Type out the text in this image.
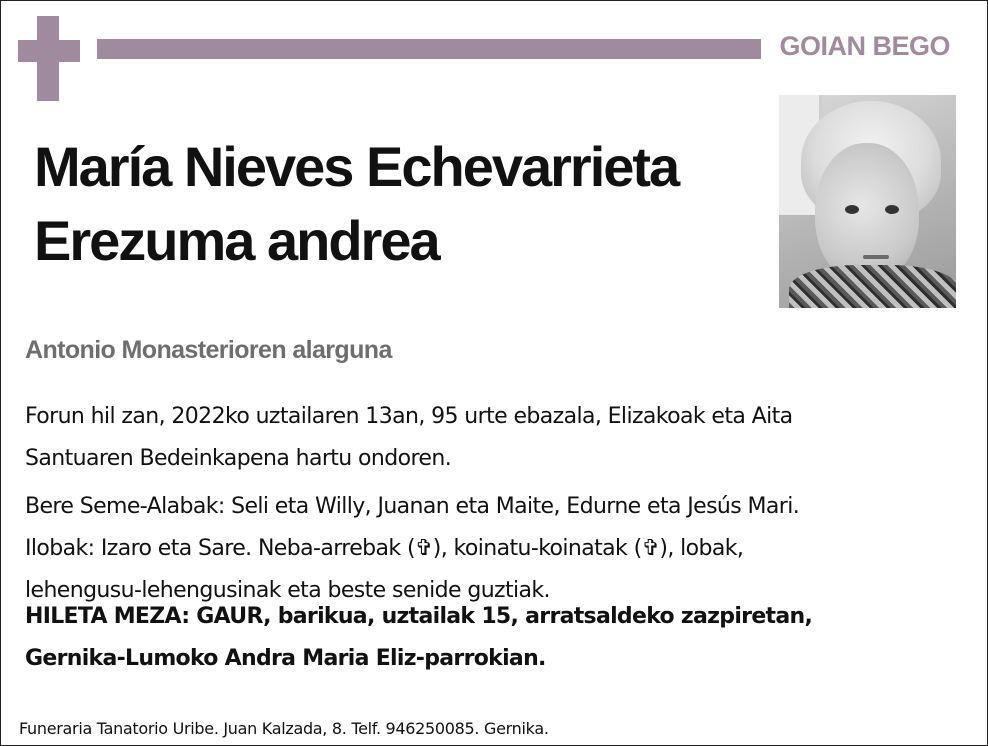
GOIAN BEGO
María Nieves Echevarrieta
Erezuma andrea
Antonio Monasterioren alarguna

Forun hil zan, 2022ko uztailaren 13an, 95 urte ebazala, Elizakoak eta Aita
Santuaren Bedeinkapena hartu ondoren.

Bere Seme-Alabak: Seli eta Willy, Juanan eta Maite, Edurne eta Jesús Mari.
Ilobak: Izaro eta Sare. Neba-arrebak (✞), koinatu-koinatak (✞), lobak,
lehengusu-lehengusinak eta beste senide guztiak.

HILETA MEZA: GAUR, barikua, uztailak 15, arratsaldeko zazpiretan,
Gernika-Lumoko Andra Maria Eliz-parrokian.

Funeraria Tanatorio Uribe. Juan Kalzada, 8. Telf. 946250085. Gernika.
